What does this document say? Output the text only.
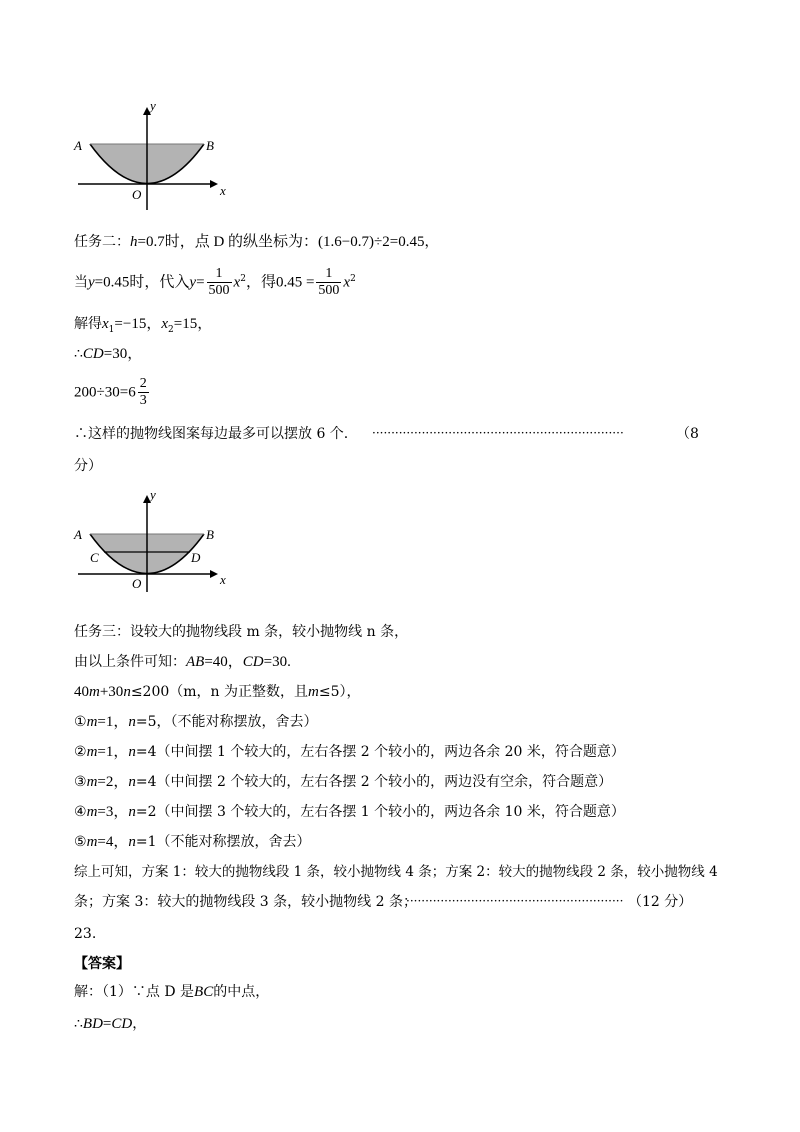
A	B
O	x
y
任务二：h=0.7时，点 D 的纵坐标为：(1.6−0.7)÷2=0.45，
当y=0.45时，代入$y= \frac{1}{500} x^2$，得$0.45 = \frac{1}{500} x^2$
解得$x_1=-15$，$x_2=15$，
∴CD=30，
$200\div 30=6 \frac{2}{3}$
∴这样的抛物线图案每边最多可以摆放 6 个. ··································································	（8
分）
A	B
C	D
O	x
y
任务三：设较大的抛物线段 m 条，较小抛物线 n 条，
由以上条件可知：AB=40，CD=30.
40m+30n≤200（m，n 为正整数，且m≤5），
①m=1，n=5，（不能对称摆放，舍去）
②m=1，n=4（中间摆 1 个较大的，左右各摆 2 个较小的，两边各余 20 米，符合题意）
③m=2，n=4（中间摆 2 个较大的，左右各摆 2 个较小的，两边没有空余，符合题意）
④m=3，n=2（中间摆 3 个较大的，左右各摆 1 个较小的，两边各余 10 米，符合题意）
⑤m=4，n=1（不能对称摆放，舍去）
综上可知，方案 1：较大的抛物线段 1 条，较小抛物线 4 条；方案 2：较大的抛物线段 2 条，较小抛物线 4
条；方案 3：较大的抛物线段 3 条，较小抛物线 2 条；
························································· （12 分）
23.
【答案】
解：（1）∵点 D 是BC的中点，
∴BD=CD，
